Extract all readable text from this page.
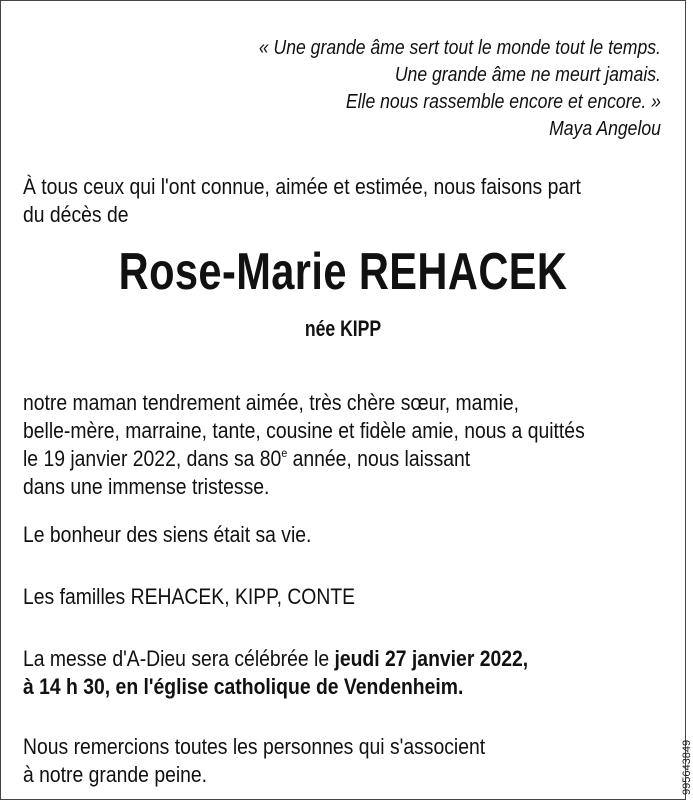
« Une grande âme sert tout le monde tout le temps.
Une grande âme ne meurt jamais.
Elle nous rassemble encore et encore. »
Maya Angelou
À tous ceux qui l'ont connue, aimée et estimée, nous faisons part
du décès de
Rose-Marie REHACEK
née KIPP
notre maman tendrement aimée, très chère sœur, mamie,
belle-mère, marraine, tante, cousine et fidèle amie, nous a quittés
le 19 janvier 2022, dans sa 80e année, nous laissant
dans une immense tristesse.
Le bonheur des siens était sa vie.
Les familles REHACEK, KIPP, CONTE
La messe d'A-Dieu sera célébrée le jeudi 27 janvier 2022,
à 14 h 30, en l'église catholique de Vendenheim.
Nous remercions toutes les personnes qui s'associent
à notre grande peine.	995643849
